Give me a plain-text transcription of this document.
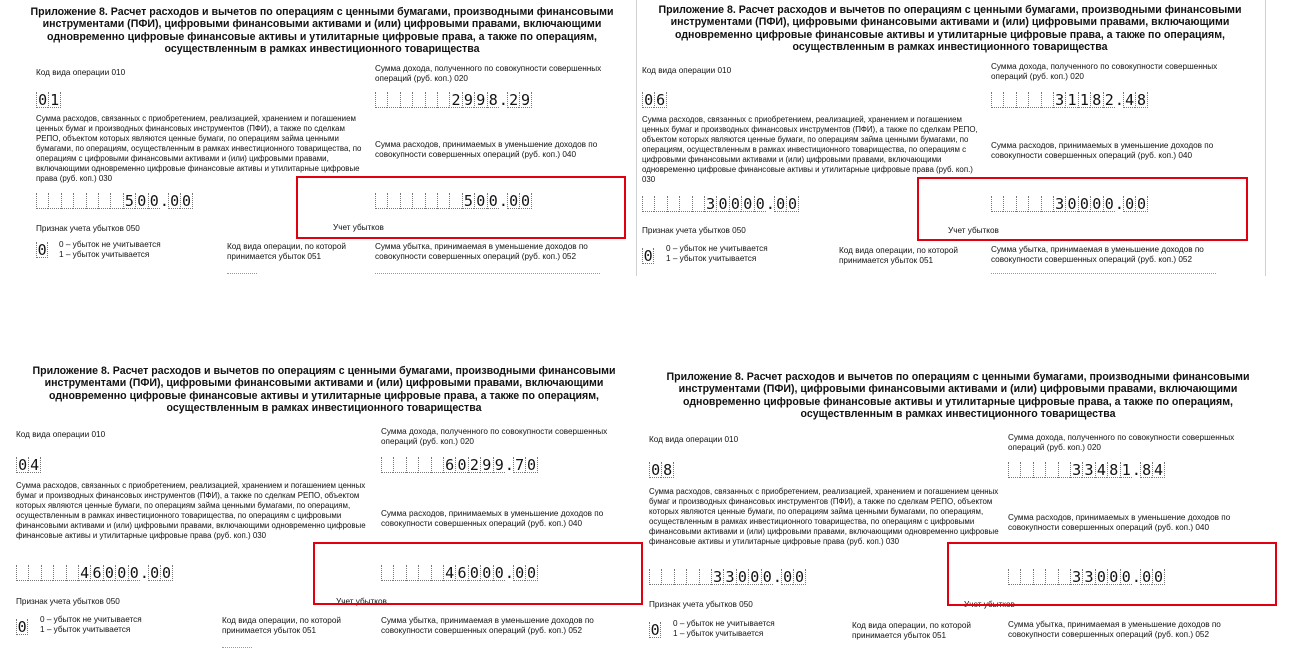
Приложение 8. Расчет расходов и вычетов по операциям с ценными бумагами, производными финансовыми инструментами (ПФИ), цифровыми финансовыми активами и (или) цифровыми правами, включающими одновременно цифровые финансовые активы и утилитарные цифровые права, а также по операциям, осуществленным в рамках инвестиционного товарищества
Код вида операции 010
0 1
Сумма дохода, полученного по совокупности совершенных операций (руб. коп.) 020
2 9 9 8 . 2 9
Сумма расходов, связанных с приобретением, реализацией, хранением и погашением ценных бумаг и производных финансовых инструментов (ПФИ), а также по сделкам РЕПО, объектом которых являются ценные бумаги, по операциям займа ценными бумагами, по операциям, осуществленным в рамках инвестиционного товарищества, по операциям с цифровыми финансовыми активами и (или) цифровыми правами, включающими одновременно цифровые финансовые активы и утилитарные цифровые права (руб. коп.) 030
5 0 0 . 0 0
Сумма расходов, принимаемых в уменьшение доходов по совокупности совершенных операций (руб. коп.) 040
5 0 0 . 0 0
Учет убытков
Признак учета убытков 050
0 0 – убыток не учитывается
1 – убыток учитывается
Код вида операции, по которой принимается убыток 051
Сумма убытка, принимаемая в уменьшение доходов по совокупности совершенных операций (руб. коп.) 052
Приложение 8. Расчет расходов и вычетов по операциям с ценными бумагами, производными финансовыми инструментами (ПФИ), цифровыми финансовыми активами и (или) цифровыми правами, включающими одновременно цифровые финансовые активы и утилитарные цифровые права, а также по операциям, осуществленным в рамках инвестиционного товарищества
Код вида операции 010
0 6
Сумма дохода, полученного по совокупности совершенных операций (руб. коп.) 020
3 1 1 8 2 . 4 8
Сумма расходов, связанных с приобретением, реализацией, хранением и погашением ценных бумаг и производных финансовых инструментов (ПФИ), а также по сделкам РЕПО, объектом которых являются ценные бумаги, по операциям займа ценными бумагами, по операциям, осуществленным в рамках инвестиционного товарищества, по операциям с цифровыми финансовыми активами и (или) цифровыми правами, включающими одновременно цифровые финансовые активы и утилитарные цифровые права (руб. коп.) 030
3 0 0 0 0 . 0 0
Сумма расходов, принимаемых в уменьшение доходов по совокупности совершенных операций (руб. коп.) 040
3 0 0 0 0 . 0 0
Учет убытков
Признак учета убытков 050
0 0 – убыток не учитывается
1 – убыток учитывается
Код вида операции, по которой принимается убыток 051
Сумма убытка, принимаемая в уменьшение доходов по совокупности совершенных операций (руб. коп.) 052
Приложение 8. Расчет расходов и вычетов по операциям с ценными бумагами, производными финансовыми инструментами (ПФИ), цифровыми финансовыми активами и (или) цифровыми правами, включающими одновременно цифровые финансовые активы и утилитарные цифровые права, а также по операциям, осуществленным в рамках инвестиционного товарищества
Код вида операции 010
0 4
Сумма дохода, полученного по совокупности совершенных операций (руб. коп.) 020
6 0 2 9 9 . 7 0
Сумма расходов, связанных с приобретением, реализацией, хранением и погашением ценных бумаг и производных финансовых инструментов (ПФИ), а также по сделкам РЕПО, объектом которых являются ценные бумаги, по операциям займа ценными бумагами, по операциям, осуществленным в рамках инвестиционного товарищества, по операциям с цифровыми финансовыми активами и (или) цифровыми правами, включающими одновременно цифровые финансовые активы и утилитарные цифровые права (руб. коп.) 030
4 6 0 0 0 . 0 0
Сумма расходов, принимаемых в уменьшение доходов по совокупности совершенных операций (руб. коп.) 040
4 6 0 0 0 . 0 0
Учет убытков
Признак учета убытков 050
0 0 – убыток не учитывается
1 – убыток учитывается
Код вида операции, по которой принимается убыток 051
Сумма убытка, принимаемая в уменьшение доходов по совокупности совершенных операций (руб. коп.) 052
Приложение 8. Расчет расходов и вычетов по операциям с ценными бумагами, производными финансовыми инструментами (ПФИ), цифровыми финансовыми активами и (или) цифровыми правами, включающими одновременно цифровые финансовые активы и утилитарные цифровые права, а также по операциям, осуществленным в рамках инвестиционного товарищества
Код вида операции 010
0 8
Сумма дохода, полученного по совокупности совершенных операций (руб. коп.) 020
3 3 4 8 1 . 8 4
Сумма расходов, связанных с приобретением, реализацией, хранением и погашением ценных бумаг и производных финансовых инструментов (ПФИ), а также по сделкам РЕПО, объектом которых являются ценные бумаги, по операциям займа ценными бумагами, по операциям, осуществленным в рамках инвестиционного товарищества, по операциям с цифровыми финансовыми активами и (или) цифровыми правами, включающими одновременно цифровые финансовые активы и утилитарные цифровые права (руб. коп.) 030
3 3 0 0 0 . 0 0
Сумма расходов, принимаемых в уменьшение доходов по совокупности совершенных операций (руб. коп.) 040
3 3 0 0 0 . 0 0
Учет убытков
Признак учета убытков 050
0 0 – убыток не учитывается
1 – убыток учитывается
Код вида операции, по которой принимается убыток 051
Сумма убытка, принимаемая в уменьшение доходов по совокупности совершенных операций (руб. коп.) 052
